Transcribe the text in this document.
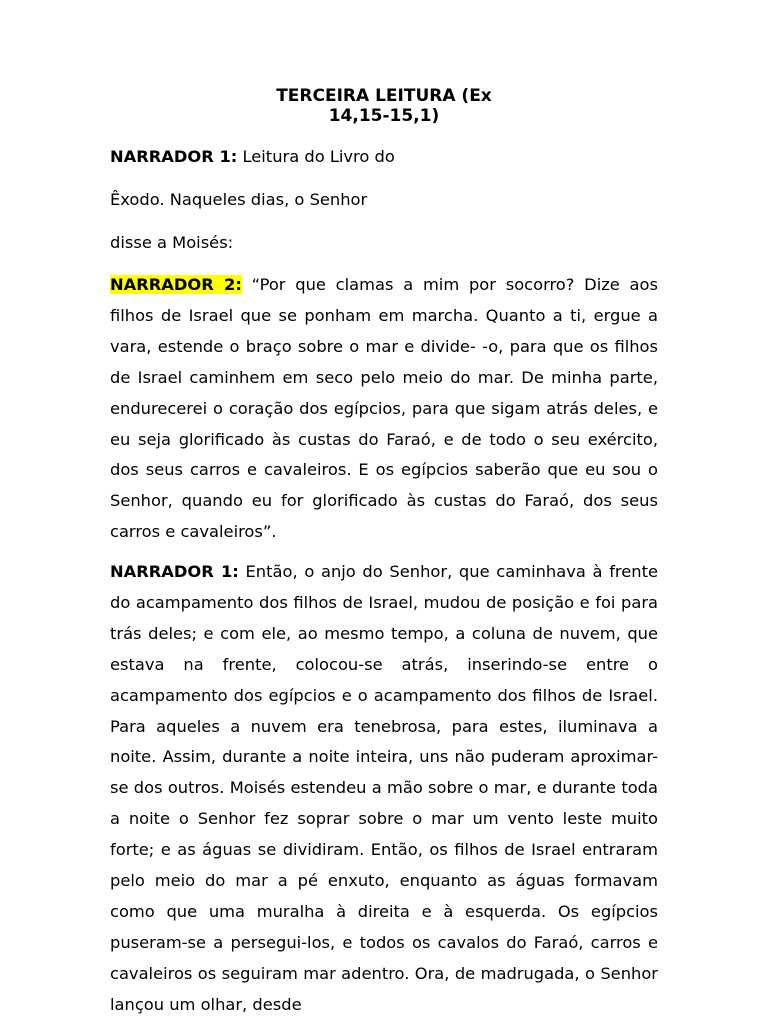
TERCEIRA LEITURA (Ex
14,15-15,1)

NARRADOR 1: Leitura do Livro do

Êxodo. Naqueles dias, o Senhor

disse a Moisés:

NARRADOR 2: “Por que clamas a mim por socorro? Dize aos filhos de Israel que se ponham em marcha. Quanto a ti, ergue a vara, estende o braço sobre o mar e divide- -o, para que os filhos de Israel caminhem em seco pelo meio do mar. De minha parte, endurecerei o coração dos egípcios, para que sigam atrás deles, e eu seja glorificado às custas do Faraó, e de todo o seu exército, dos seus carros e cavaleiros. E os egípcios saberão que eu sou o Senhor, quando eu for glorificado às custas do Faraó, dos seus carros e cavaleiros”.

NARRADOR 1: Então, o anjo do Senhor, que caminhava à frente do acampamento dos filhos de Israel, mudou de posição e foi para trás deles; e com ele, ao mesmo tempo, a coluna de nuvem, que estava na frente, colocou-se atrás, inserindo-se entre o acampamento dos egípcios e o acampamento dos filhos de Israel. Para aqueles a nuvem era tenebrosa, para estes, iluminava a noite. Assim, durante a noite inteira, uns não puderam aproximar-se dos outros. Moisés estendeu a mão sobre o mar, e durante toda a noite o Senhor fez soprar sobre o mar um vento leste muito forte; e as águas se dividiram. Então, os filhos de Israel entraram pelo meio do mar a pé enxuto, enquanto as águas formavam como que uma muralha à direita e à esquerda. Os egípcios puseram-se a persegui-los, e todos os cavalos do Faraó, carros e cavaleiros os seguiram mar adentro. Ora, de madrugada, o Senhor lançou um olhar, desde
